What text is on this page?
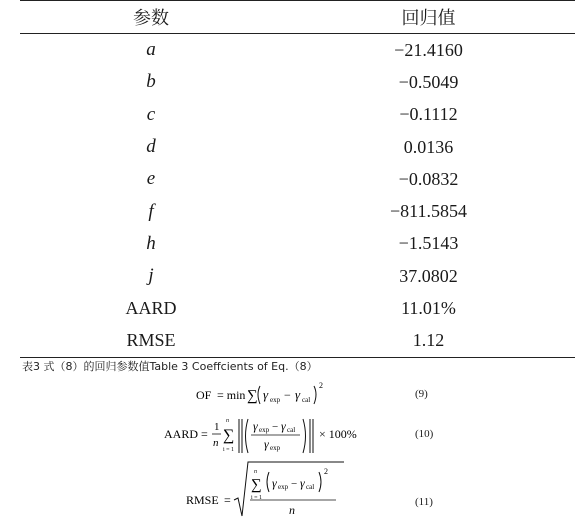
参数	回归值
a	−21.4160
b	−0.5049
c	−0.1112
d	0.0136
e	−0.0832
f	−811.5854
h	−1.5143
j	37.0802
AARD	11.01%
RMSE	1.12
表3 式（8）的回归参数值Table 3 Coeffcients of Eq.（8）
OF = min ∑ γ exp − γ cal
2
(9)
AARD = 1
n
n
∑
i = 1
γ exp − γ cal
γ exp
× 100%	(10)
RMSE =
n
∑
i = 1
γ exp − γ cal
2
n
(11)
